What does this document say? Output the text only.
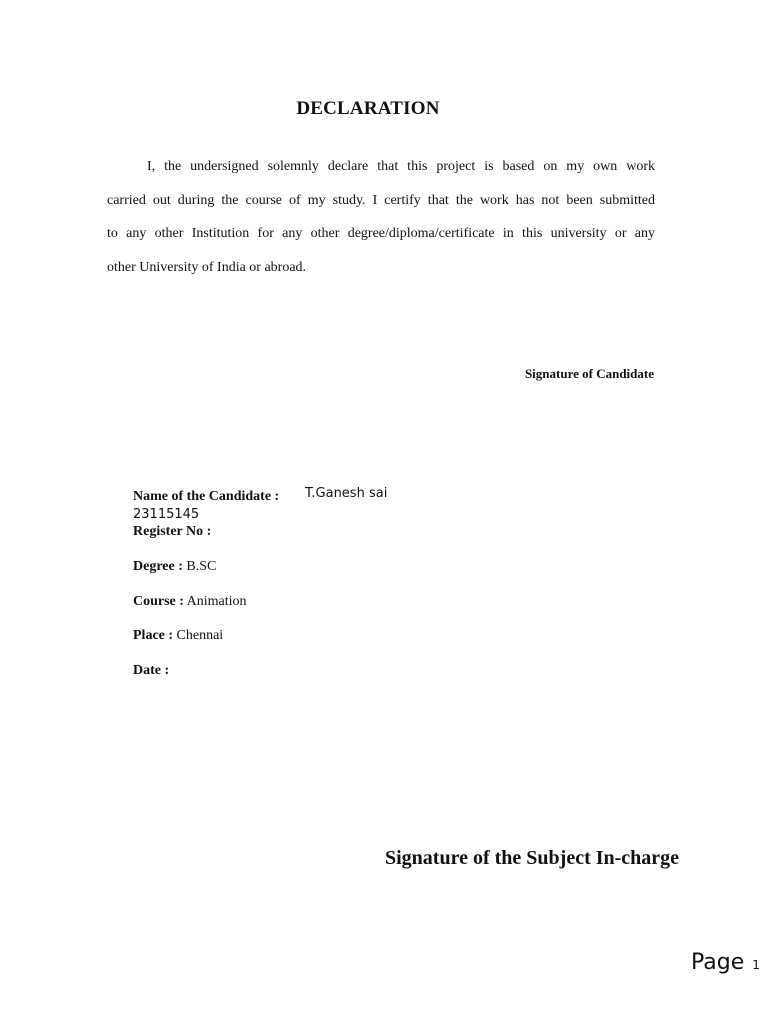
DECLARATION

I, the undersigned solemnly declare that this project is based on my own work
carried out during the course of my study. I certify that the work has not been submitted
to any other Institution for any other degree/diploma/certificate in this university or any
other University of India or abroad.

Signature of Candidate
Name of the Candidate : T.Ganesh sai
23115145
Register No :
Degree : B.SC
Course : Animation
Place : Chennai
Date :
Signature of the Subject In-charge
Page 1
